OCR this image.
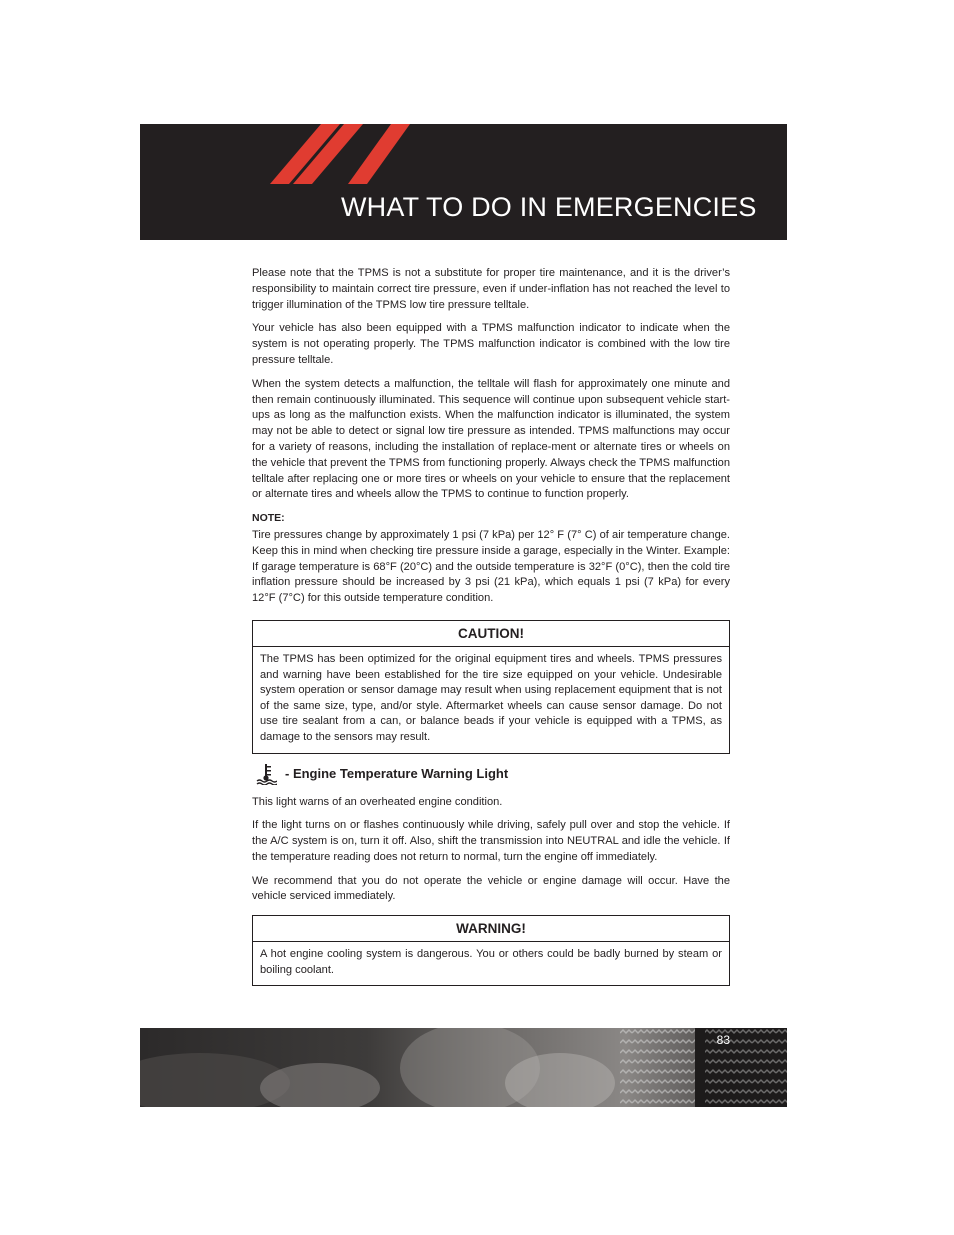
WHAT TO DO IN EMERGENCIES

Please note that the TPMS is not a substitute for proper tire maintenance, and it is the driver’s responsibility to maintain correct tire pressure, even if under-inflation has not reached the level to trigger illumination of the TPMS low tire pressure telltale.

Your vehicle has also been equipped with a TPMS malfunction indicator to indicate when the system is not operating properly. The TPMS malfunction indicator is combined with the low tire pressure telltale.

When the system detects a malfunction, the telltale will flash for approximately one minute and then remain continuously illuminated. This sequence will continue upon subsequent vehicle start-ups as long as the malfunction exists. When the malfunction indicator is illuminated, the system may not be able to detect or signal low tire pressure as intended. TPMS malfunctions may occur for a variety of reasons, including the installation of replace-ment or alternate tires or wheels on the vehicle that prevent the TPMS from functioning properly. Always check the TPMS malfunction telltale after replacing one or more tires or wheels on your vehicle to ensure that the replacement or alternate tires and wheels allow the TPMS to continue to function properly.

NOTE:

Tire pressures change by approximately 1 psi (7 kPa) per 12° F (7° C) of air temperature change. Keep this in mind when checking tire pressure inside a garage, especially in the Winter. Example: If garage temperature is 68°F (20°C) and the outside temperature is 32°F (0°C), then the cold tire inflation pressure should be increased by 3 psi (21 kPa), which equals 1 psi (7 kPa) for every 12°F (7°C) for this outside temperature condition.

CAUTION!
The TPMS has been optimized for the original equipment tires and wheels. TPMS pressures and warning have been established for the tire size equipped on your vehicle. Undesirable system operation or sensor damage may result when using replacement equipment that is not of the same size, type, and/or style. Aftermarket wheels can cause sensor damage. Do not use tire sealant from a can, or balance beads if your vehicle is equipped with a TPMS, as damage to the sensors may result.
- Engine Temperature Warning Light

This light warns of an overheated engine condition.

If the light turns on or flashes continuously while driving, safely pull over and stop the vehicle. If the A/C system is on, turn it off. Also, shift the transmission into NEUTRAL and idle the vehicle. If the temperature reading does not return to normal, turn the engine off immediately.

We recommend that you do not operate the vehicle or engine damage will occur. Have the vehicle serviced immediately.

WARNING!
A hot engine cooling system is dangerous. You or others could be badly burned by steam or boiling coolant.
83
